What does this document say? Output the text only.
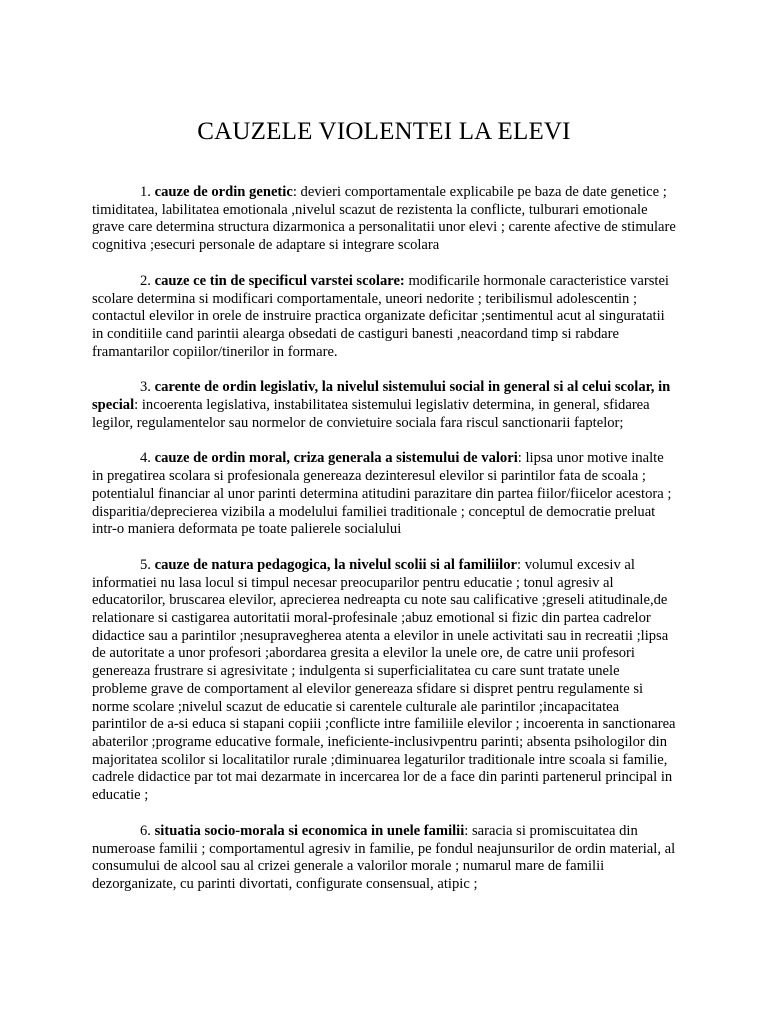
CAUZELE VIOLENTEI LA ELEVI

1. cauze de ordin genetic: devieri comportamentale explicabile pe baza de date genetice ; timiditatea, labilitatea emotionala ,nivelul scazut de rezistenta la conflicte, tulburari emotionale grave care determina structura dizarmonica a personalitatii unor elevi ; carente afective de stimulare cognitiva ;esecuri personale de adaptare si integrare scolara

2. cauze ce tin de specificul varstei scolare: modificarile hormonale caracteristice varstei scolare determina si modificari comportamentale, uneori nedorite ; teribilismul adolescentin ; contactul elevilor in orele de instruire practica organizate deficitar ;sentimentul acut al singuratatii in conditiile cand parintii alearga obsedati de castiguri banesti ,neacordand timp si rabdare framantarilor copiilor/tinerilor in formare.

3. carente de ordin legislativ, la nivelul sistemului social in general si al celui scolar, in special: incoerenta legislativa, instabilitatea sistemului legislativ determina, in general, sfidarea legilor, regulamentelor sau normelor de convietuire sociala fara riscul sanctionarii faptelor;

4. cauze de ordin moral, criza generala a sistemului de valori: lipsa unor motive inalte in pregatirea scolara si profesionala genereaza dezinteresul elevilor si parintilor fata de scoala ; potentialul financiar al unor parinti determina atitudini parazitare din partea fiilor/fiicelor acestora ; disparitia/deprecierea vizibila a modelului familiei traditionale ; conceptul de democratie preluat intr-o maniera deformata pe toate palierele socialului

5. cauze de natura pedagogica, la nivelul scolii si al familiilor: volumul excesiv al informatiei nu lasa locul si timpul necesar preocuparilor pentru educatie ; tonul agresiv al educatorilor, bruscarea elevilor, aprecierea nedreapta cu note sau calificative ;greseli atitudinale,de relationare si castigarea autoritatii moral-profesinale ;abuz emotional si fizic din partea cadrelor didactice sau a parintilor ;nesupravegherea atenta a elevilor in unele activitati sau in recreatii ;lipsa de autoritate a unor profesori ;abordarea gresita a elevilor la unele ore, de catre unii profesori genereaza frustrare si agresivitate ; indulgenta si superficialitatea cu care sunt tratate unele probleme grave de comportament al elevilor genereaza sfidare si dispret pentru regulamente si norme scolare ;nivelul scazut de educatie si carentele culturale ale parintilor ;incapacitatea parintilor de a-si educa si stapani copiii ;conflicte intre familiile elevilor ; incoerenta in sanctionarea abaterilor ;programe educative formale, ineficiente-inclusivpentru parinti; absenta psihologilor din majoritatea scolilor si localitatilor rurale ;diminuarea legaturilor traditionale intre scoala si familie, cadrele didactice par tot mai dezarmate in incercarea lor de a face din parinti partenerul principal in educatie ;

6. situatia socio-morala si economica in unele familii: saracia si promiscuitatea din numeroase familii ; comportamentul agresiv in familie, pe fondul neajunsurilor de ordin material, al consumului de alcool sau al crizei generale a valorilor morale ; numarul mare de familii dezorganizate, cu parinti divortati, configurate consensual, atipic ;
